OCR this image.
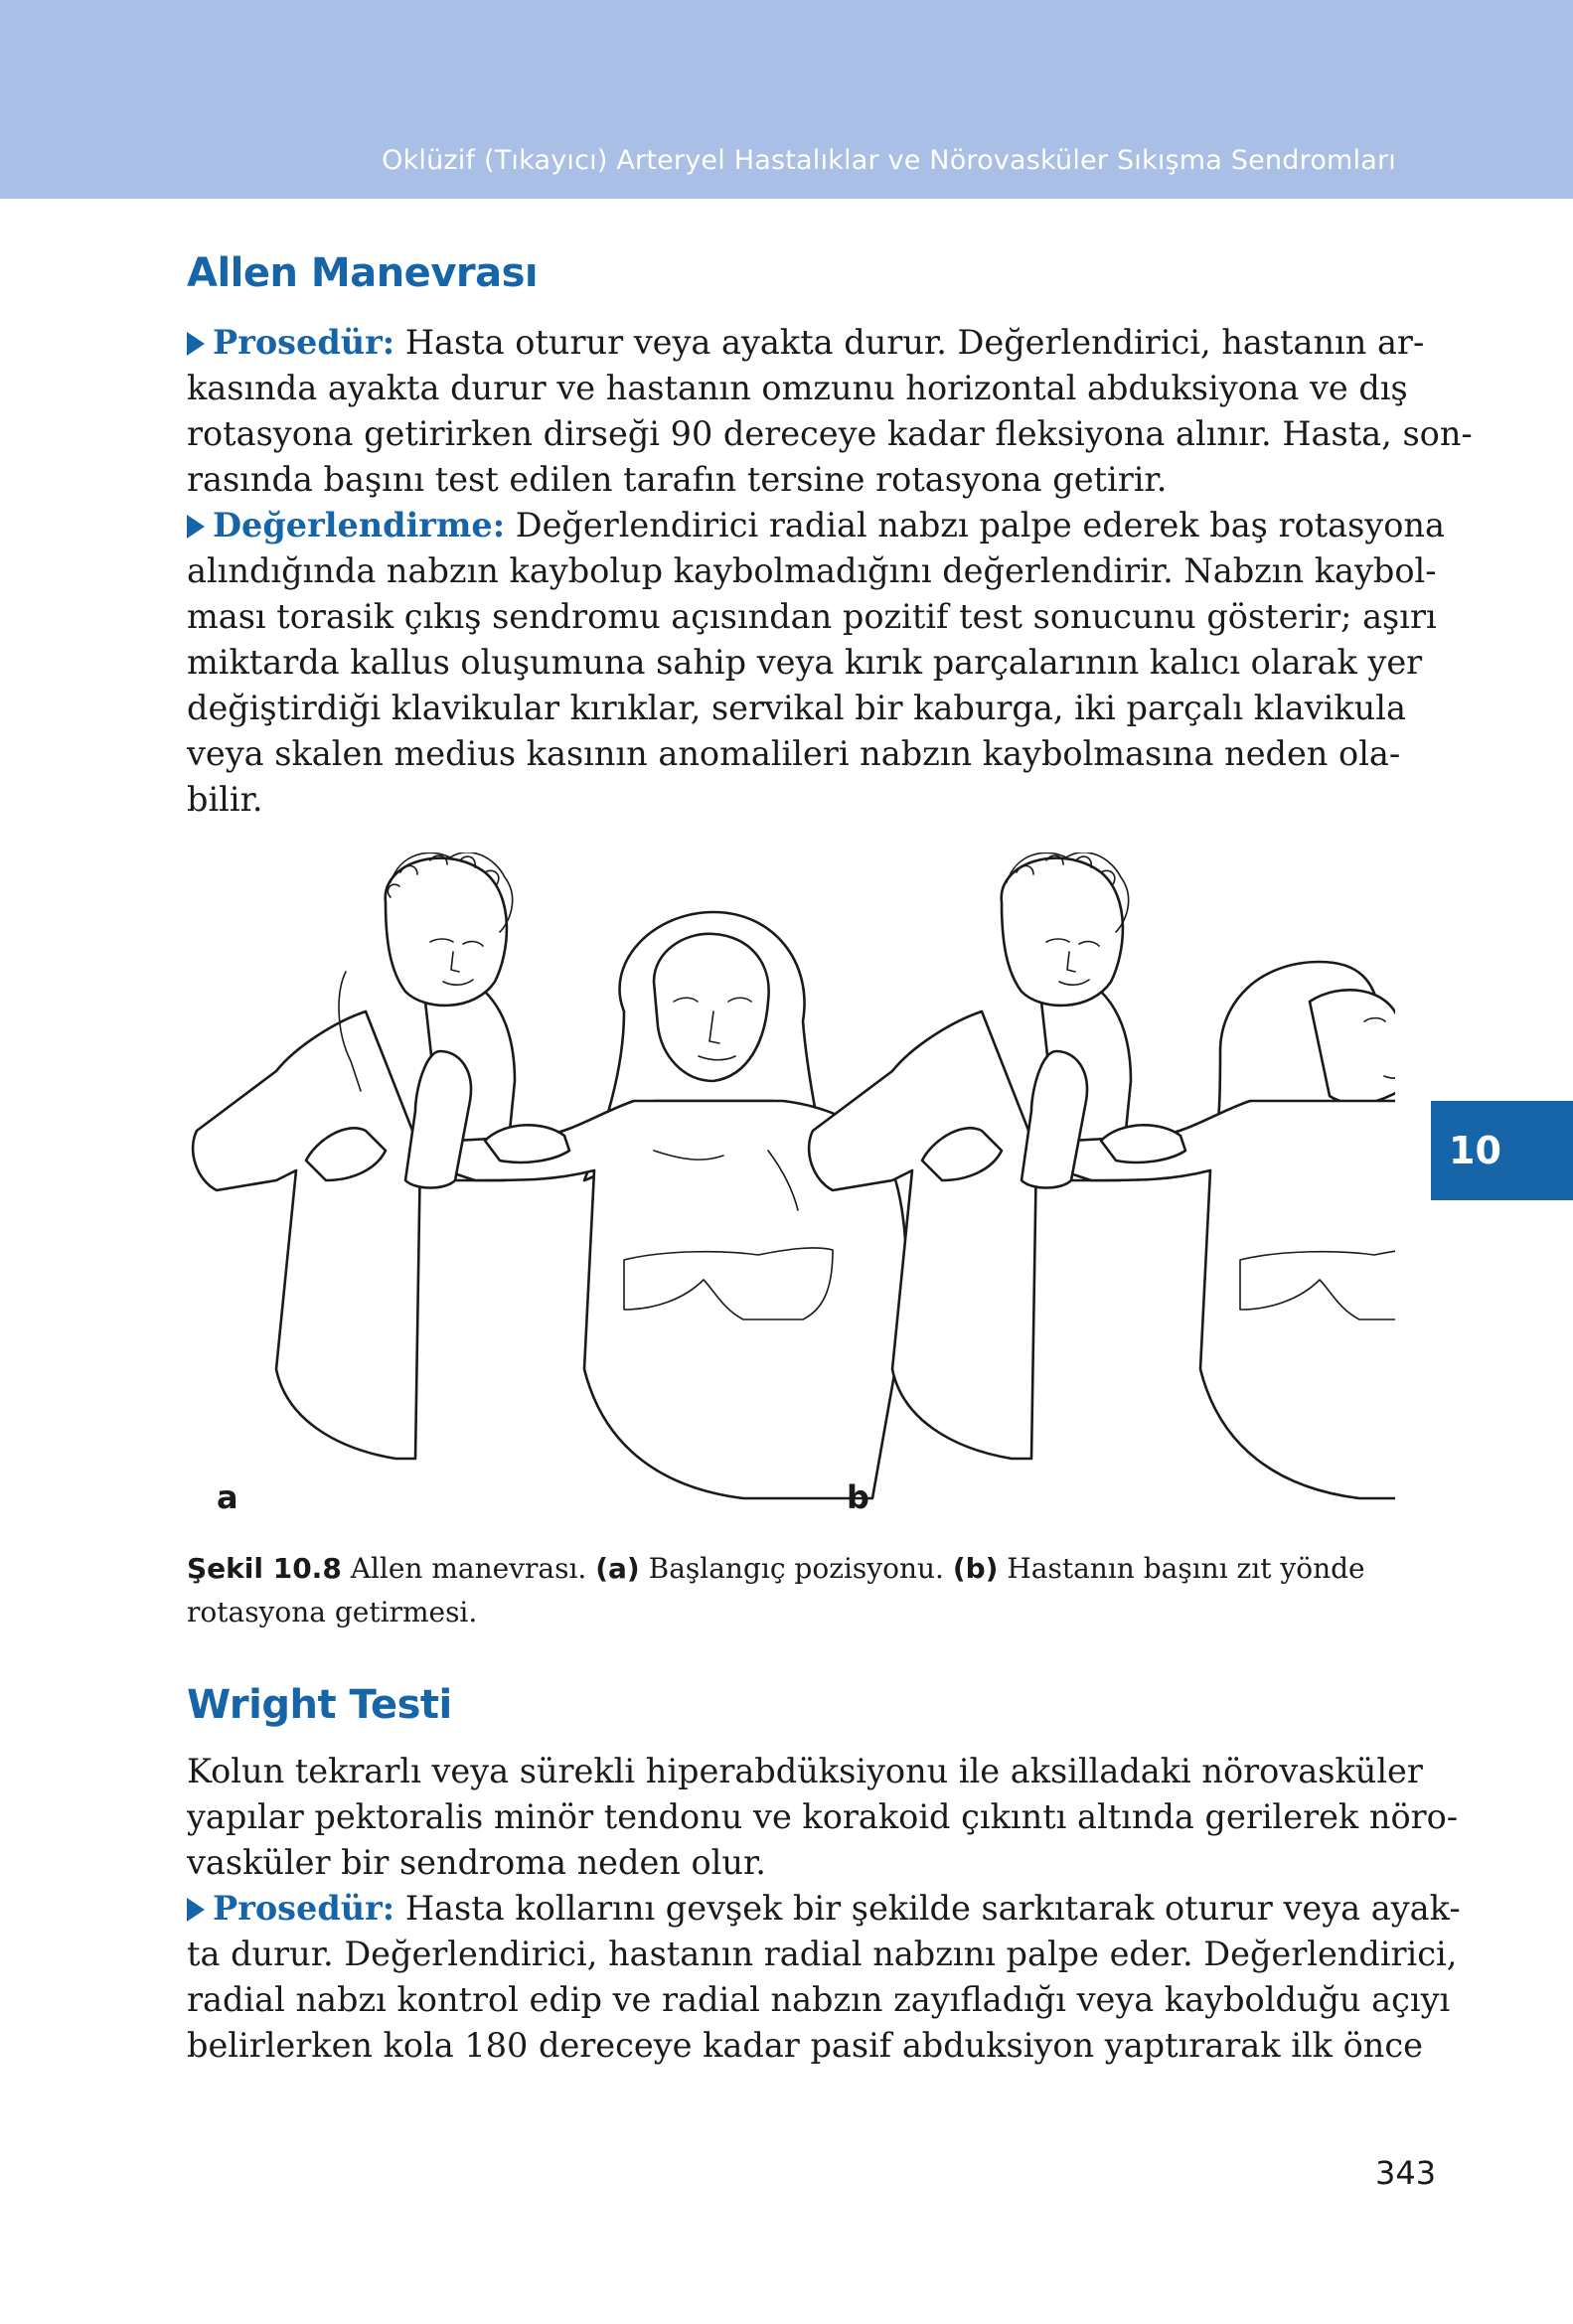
Oklüzif (Tıkayıcı) Arteryel Hastalıklar ve Nörovasküler Sıkışma Sendromları
Allen Manevrası
Prosedür: Hasta oturur veya ayakta durur. Değerlendirici, hastanın ar-
kasında ayakta durur ve hastanın omzunu horizontal abduksiyona ve dış
rotasyona getirirken dirseği 90 dereceye kadar fleksiyona alınır. Hasta, son-
rasında başını test edilen tarafın tersine rotasyona getirir.
Değerlendirme: Değerlendirici radial nabzı palpe ederek baş rotasyona
alındığında nabzın kaybolup kaybolmadığını değerlendirir. Nabzın kaybol-
ması torasik çıkış sendromu açısından pozitif test sonucunu gösterir; aşırı
miktarda kallus oluşumuna sahip veya kırık parçalarının kalıcı olarak yer
değiştirdiği klavikular kırıklar, servikal bir kaburga, iki parçalı klavikula
veya skalen medius kasının anomalileri nabzın kaybolmasına neden ola-
bilir.
a	b
Şekil 10.8 Allen manevrası. (a) Başlangıç pozisyonu. (b) Hastanın başını zıt yönde
rotasyona getirmesi.
Wright Testi
Kolun tekrarlı veya sürekli hiperabdüksiyonu ile aksilladaki nörovasküler
yapılar pektoralis minör tendonu ve korakoid çıkıntı altında gerilerek nöro-
vasküler bir sendroma neden olur.
Prosedür: Hasta kollarını gevşek bir şekilde sarkıtarak oturur veya ayak-
ta durur. Değerlendirici, hastanın radial nabzını palpe eder. Değerlendirici,
radial nabzı kontrol edip ve radial nabzın zayıfladığı veya kaybolduğu açıyı
belirlerken kola 180 dereceye kadar pasif abduksiyon yaptırarak ilk önce
10
343
